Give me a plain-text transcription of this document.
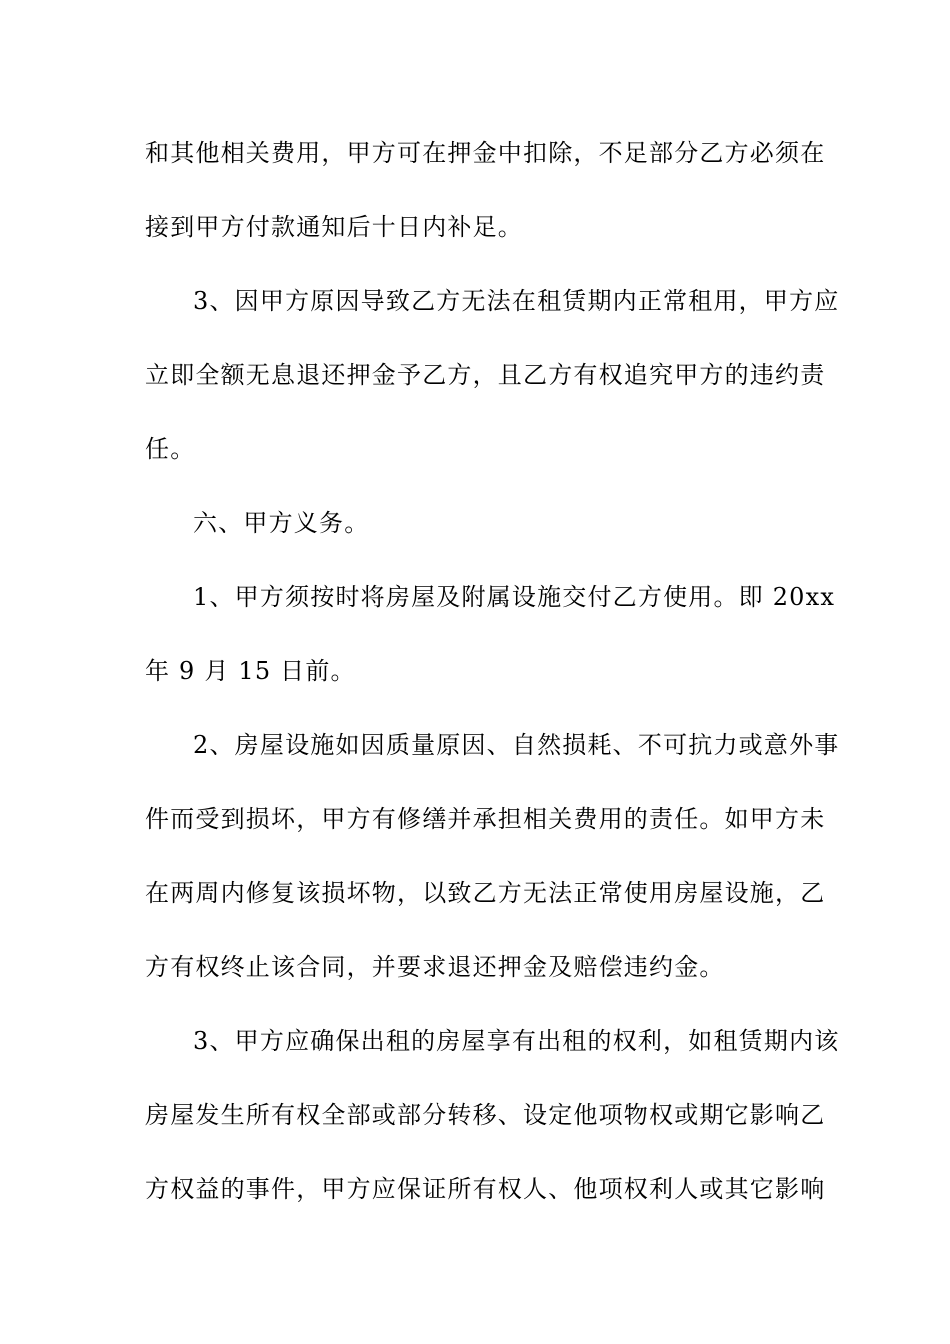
和其他相关费用，甲方可在押金中扣除，不足部分乙方必须在
接到甲方付款通知后十日内补足。
3、因甲方原因导致乙方无法在租赁期内正常租用，甲方应
立即全额无息退还押金予乙方，且乙方有权追究甲方的违约责
任。
六、甲方义务。
1、甲方须按时将房屋及附属设施交付乙方使用。即 20xx
年 9 月 15 日前。
2、房屋设施如因质量原因、自然损耗、不可抗力或意外事
件而受到损坏，甲方有修缮并承担相关费用的责任。如甲方未
在两周内修复该损坏物，以致乙方无法正常使用房屋设施，乙
方有权终止该合同，并要求退还押金及赔偿违约金。
3、甲方应确保出租的房屋享有出租的权利，如租赁期内该
房屋发生所有权全部或部分转移、设定他项物权或期它影响乙
方权益的事件，甲方应保证所有权人、他项权利人或其它影响
